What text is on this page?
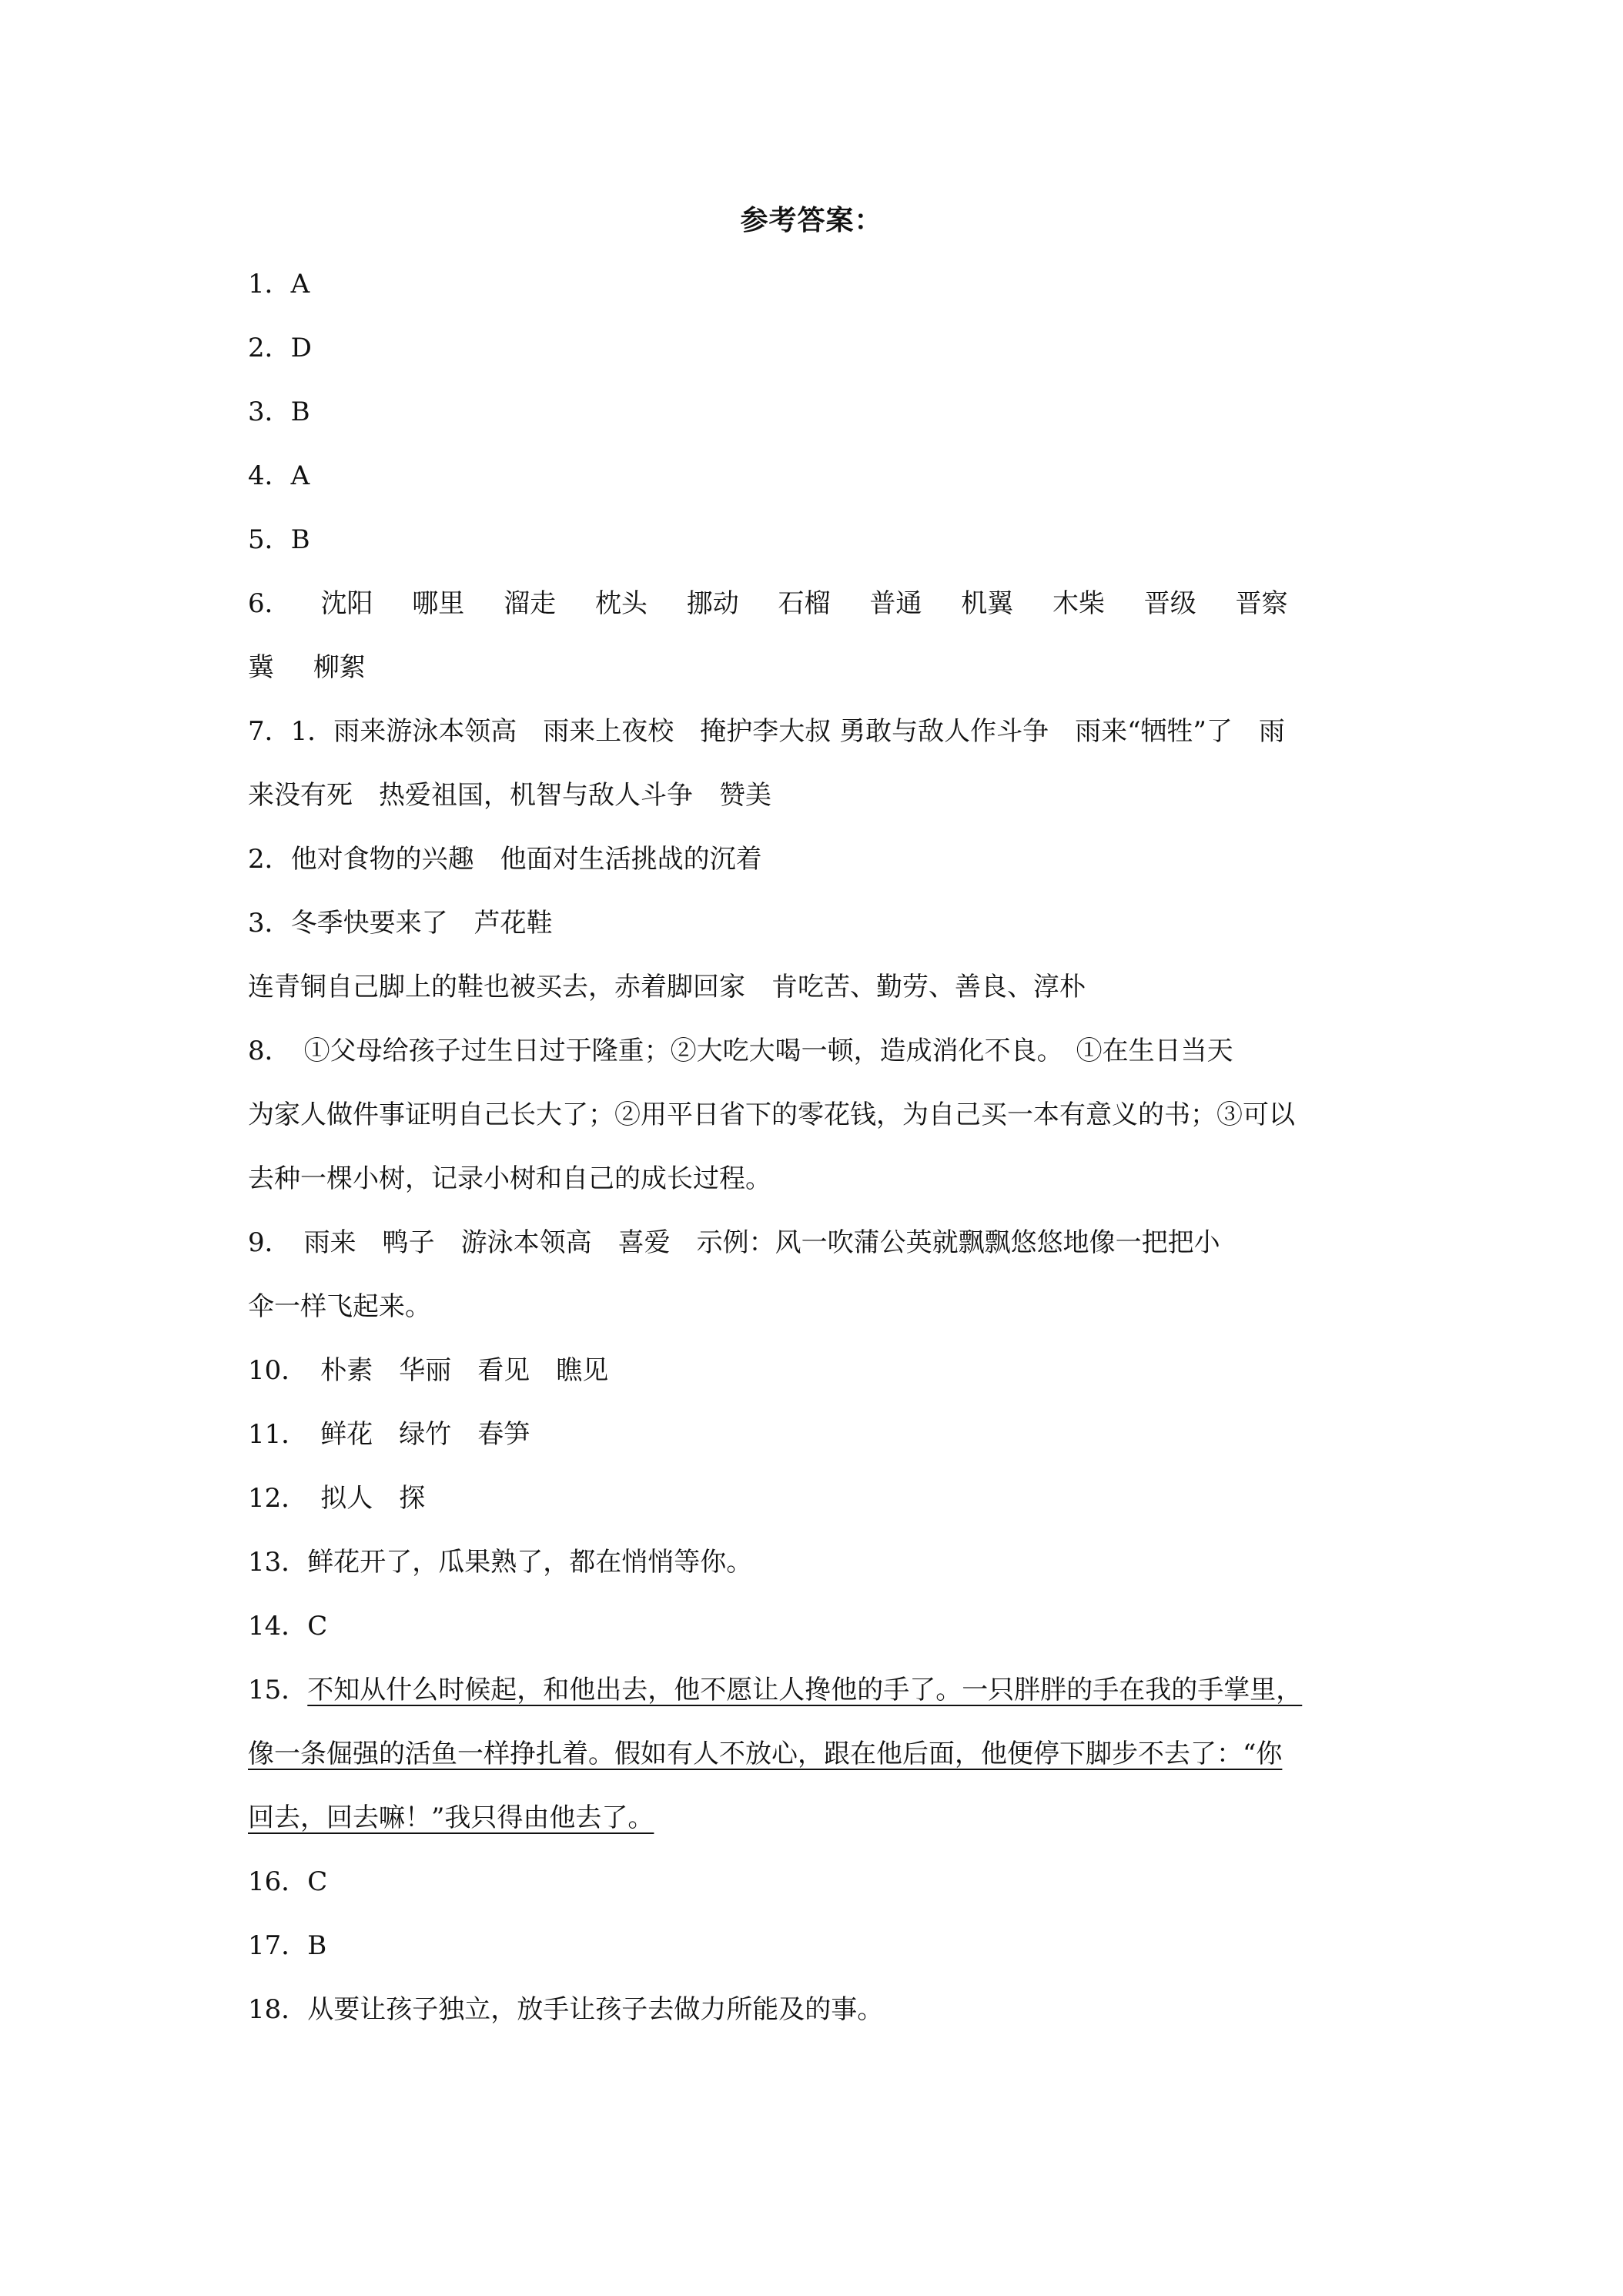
参考答案：
1．A
2．D
3．B
4．A
5．B
6． 沈阳 哪里 溜走 枕头 挪动 石榴 普通 机翼 木柴 晋级 晋察
冀 柳絮
7．1．雨来游泳本领高　雨来上夜校　掩护李大叔 勇敢与敌人作斗争　雨来“牺牲”了　雨
来没有死　热爱祖国，机智与敌人斗争　赞美
2．他对食物的兴趣　他面对生活挑战的沉着
3．冬季快要来了　芦花鞋
连青铜自己脚上的鞋也被买去，赤着脚回家　肯吃苦、勤劳、善良、淳朴
8．　①父母给孩子过生日过于隆重；②大吃大喝一顿，造成消化不良。　①在生日当天
为家人做件事证明自己长大了；②用平日省下的零花钱，为自己买一本有意义的书；③可以
去种一棵小树，记录小树和自己的成长过程。
9．　雨来　鸭子　游泳本领高　喜爱　示例：风一吹蒲公英就飘飘悠悠地像一把把小
伞一样飞起来。
10．　朴素　华丽　看见　瞧见
11．　鲜花　绿竹　春笋
12．　拟人　探
13．鲜花开了，瓜果熟了，都在悄悄等你。
14．C
15．不知从什么时候起，和他出去，他不愿让人搀他的手了。一只胖胖的手在我的手掌里，
像一条倔强的活鱼一样挣扎着。假如有人不放心，跟在他后面，他便停下脚步不去了：“你
回去，回去嘛！”我只得由他去了。
16．C
17．B
18．从要让孩子独立，放手让孩子去做力所能及的事。
